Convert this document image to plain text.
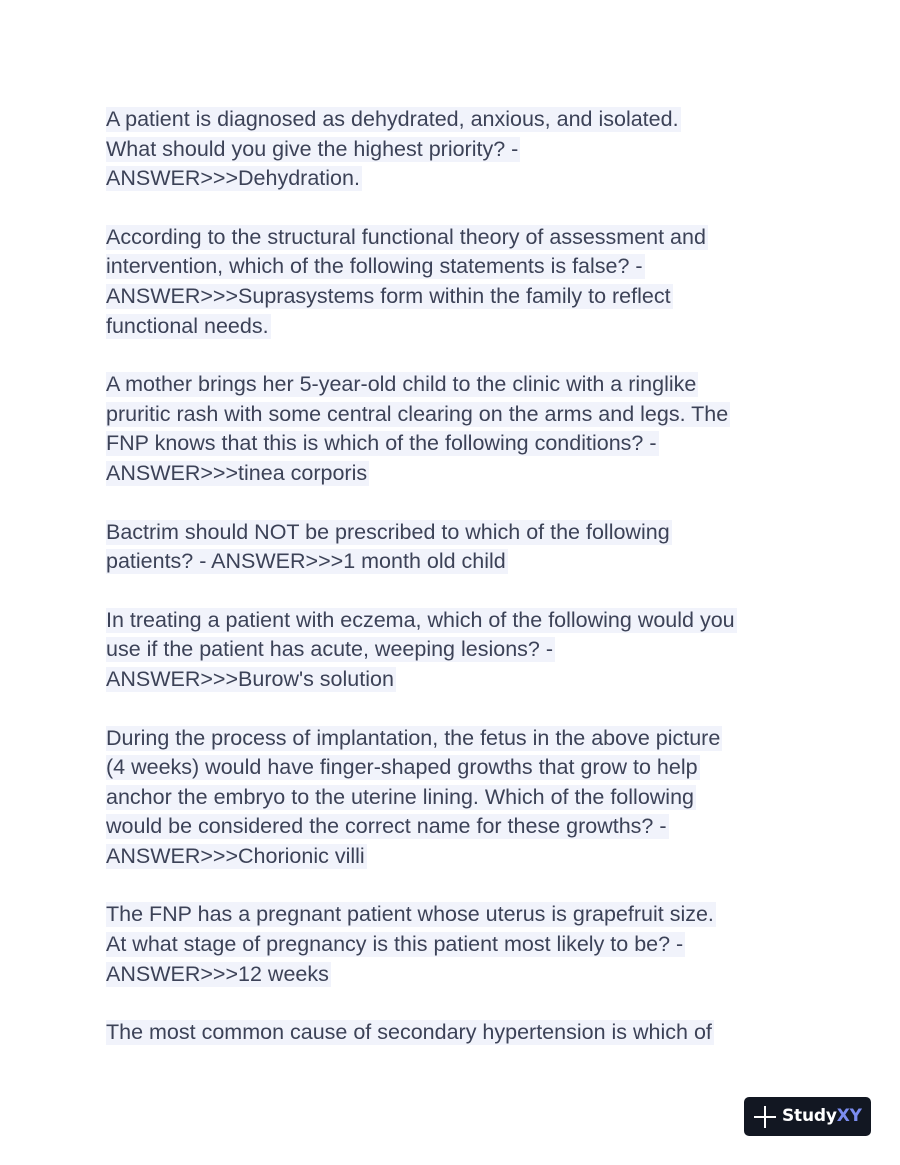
A patient is diagnosed as dehydrated, anxious, and isolated.
What should you give the highest priority? -
ANSWER>>>Dehydration.
According to the structural functional theory of assessment and
intervention, which of the following statements is false? -
ANSWER>>>Suprasystems form within the family to reflect
functional needs.
A mother brings her 5-year-old child to the clinic with a ringlike
pruritic rash with some central clearing on the arms and legs. The
FNP knows that this is which of the following conditions? -
ANSWER>>>tinea corporis
Bactrim should NOT be prescribed to which of the following
patients? - ANSWER>>>1 month old child
In treating a patient with eczema, which of the following would you
use if the patient has acute, weeping lesions? -
ANSWER>>>Burow's solution
During the process of implantation, the fetus in the above picture
(4 weeks) would have finger-shaped growths that grow to help
anchor the embryo to the uterine lining. Which of the following
would be considered the correct name for these growths? -
ANSWER>>>Chorionic villi
The FNP has a pregnant patient whose uterus is grapefruit size.
At what stage of pregnancy is this patient most likely to be? -
ANSWER>>>12 weeks
The most common cause of secondary hypertension is which of
StudyXY
